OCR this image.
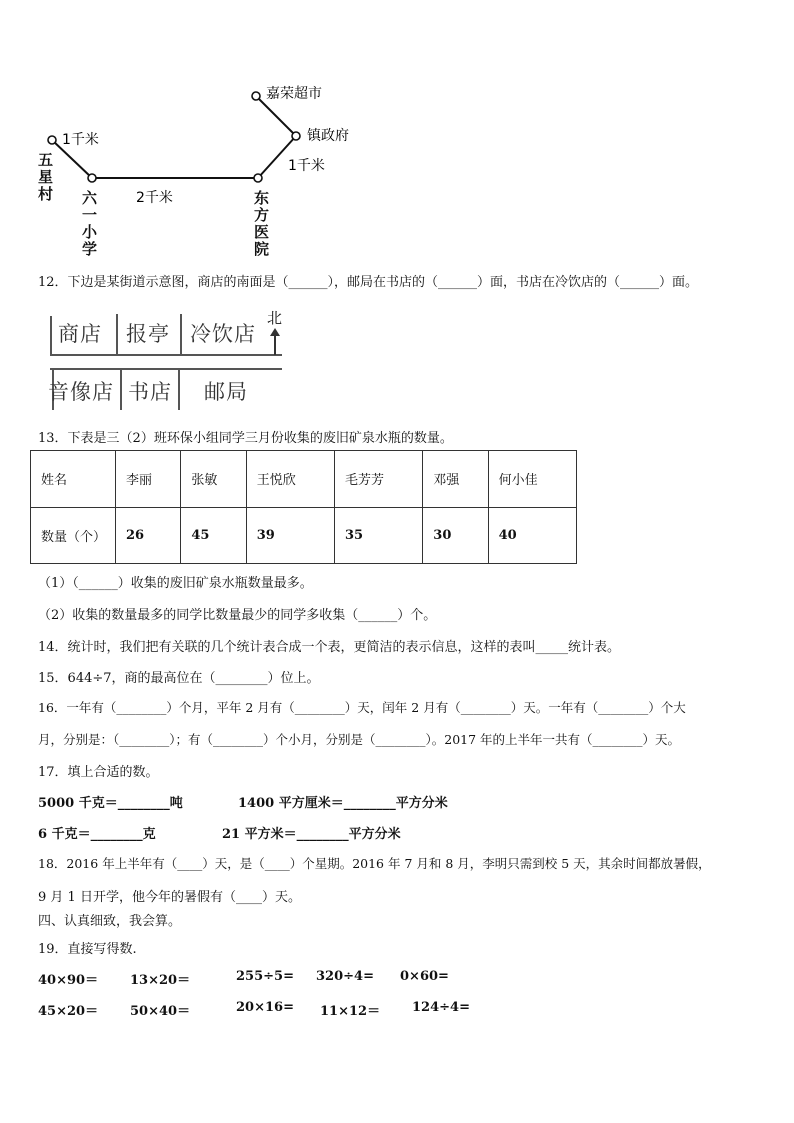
嘉荣超市
镇政府
1千米
2千米
1千米
五星村 六一小学
东方医院
12．下边是某街道示意图，商店的南面是（______），邮局在书店的（______）面，书店在冷饮店的（______）面。
商店 报亭 冷饮店
音像店 书店 邮局
北
13．下表是三（2）班环保小组同学三月份收集的废旧矿泉水瓶的数量。
姓名	李丽	张敏	王悦欣	毛芳芳	邓强	何小佳
数量（个）	26	45	39	35	30	40
（1）（______）收集的废旧矿泉水瓶数量最多。
（2）收集的数量最多的同学比数量最少的同学多收集（______）个。
14．统计时，我们把有关联的几个统计表合成一个表，更简洁的表示信息，这样的表叫_____统计表。
15．644÷7，商的最高位在（________）位上。
16．一年有（________）个月，平年 2 月有（________）天，闰年 2 月有（________）天。一年有（________）个大
月，分别是：（________）；有（________）个小月，分别是（________）。2017 年的上半年一共有（________）天。
17．填上合适的数。
5000 千克＝________吨	1400 平方厘米＝________平方分米
6 千克＝________克	21 平方米＝________平方分米
18．2016 年上半年有（____）天，是（____）个星期。2016 年 7 月和 8 月，李明只需到校 5 天，其余时间都放暑假，
9 月 1 日开学，他今年的暑假有（____）天。
四、认真细致，我会算。
19．直接写得数.
40×90＝ 13×20＝	255÷5= 320÷4= 0×60=
45×20＝ 50×40＝	20×16= 11×12＝ 124÷4=
